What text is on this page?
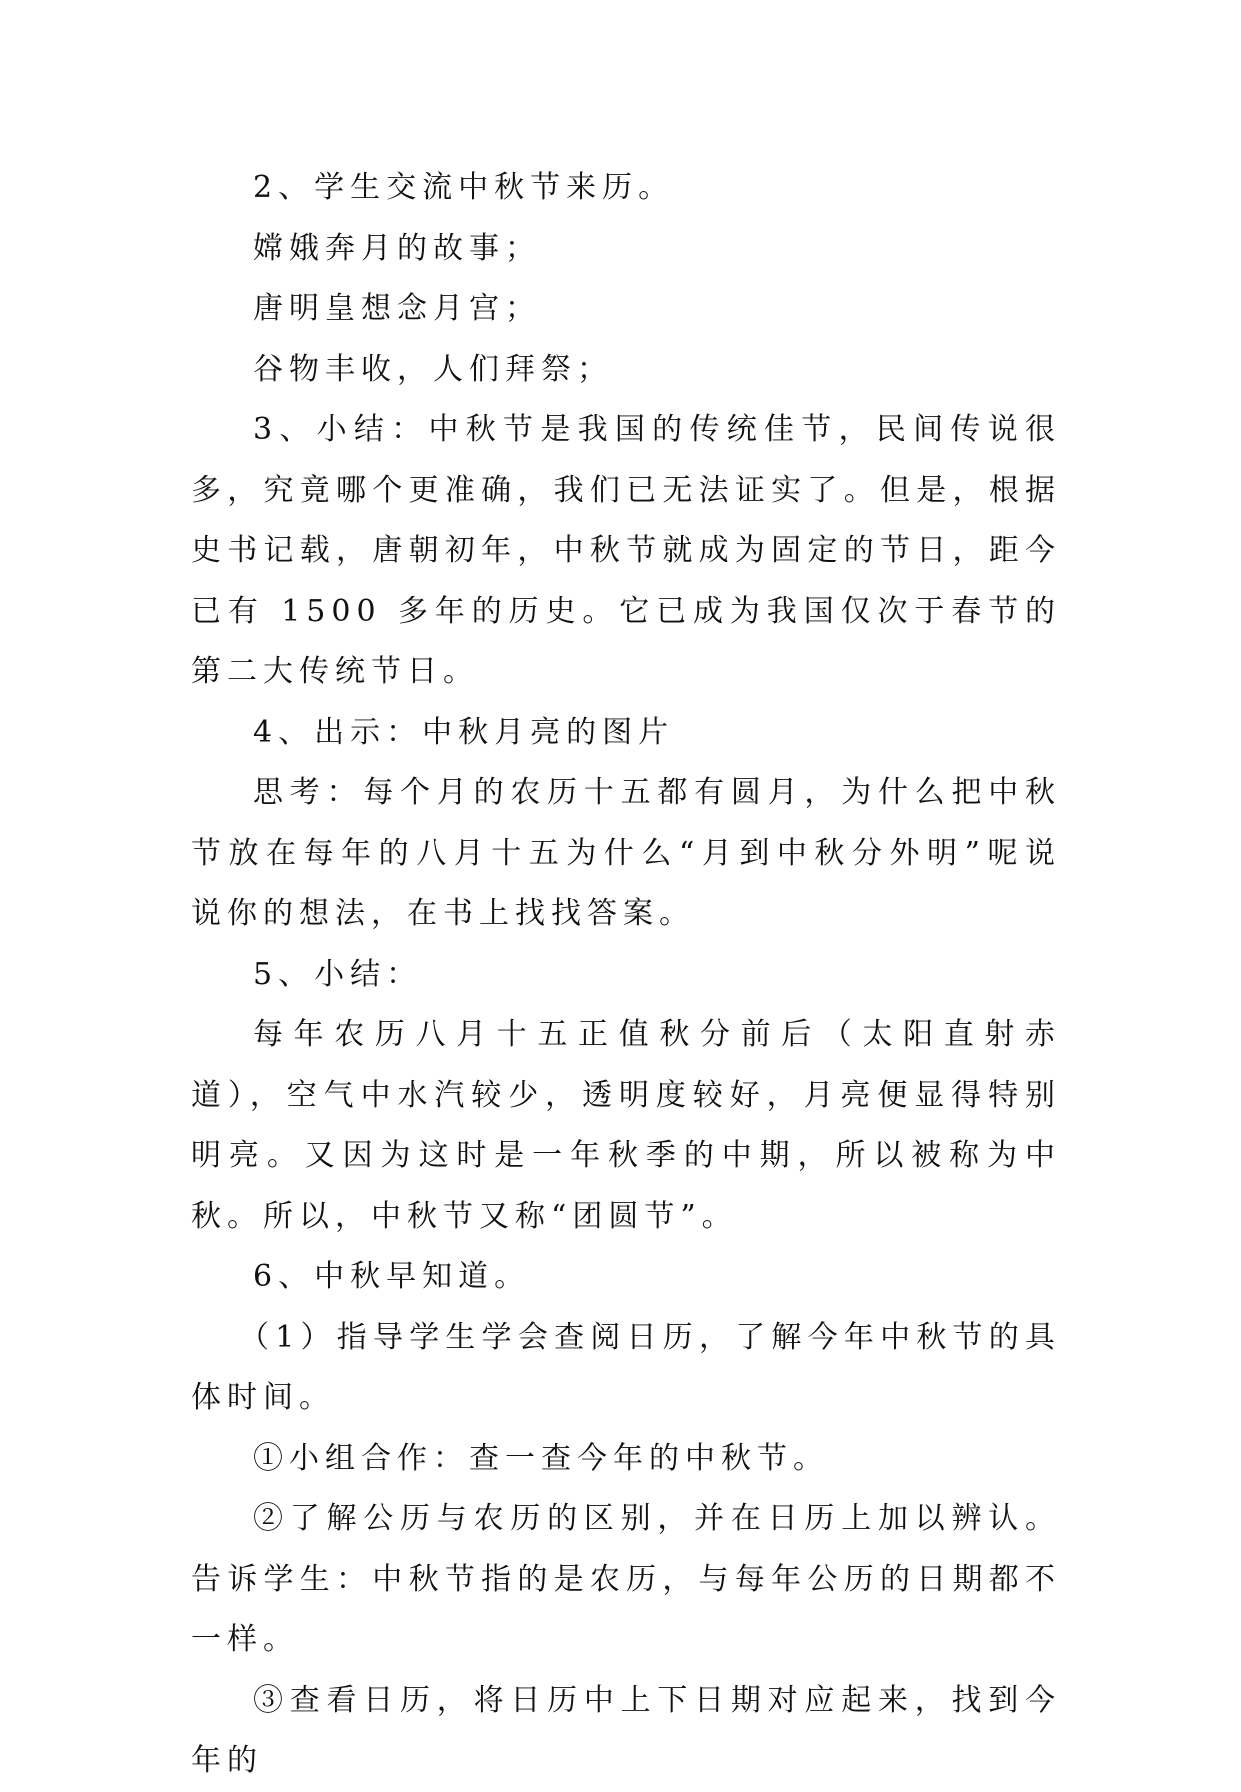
2、学生交流中秋节来历。

嫦娥奔月的故事；

唐明皇想念月宫；

谷物丰收，人们拜祭；

3、小结：中秋节是我国的传统佳节，民间传说很多，究竟哪个更准确，我们已无法证实了。但是，根据史书记载，唐朝初年，中秋节就成为固定的节日，距今已有 1500 多年的历史。它已成为我国仅次于春节的第二大传统节日。

4、出示：中秋月亮的图片

思考：每个月的农历十五都有圆月，为什么把中秋节放在每年的八月十五为什么“月到中秋分外明”呢说说你的想法，在书上找找答案。

5、小结：

每年农历八月十五正值秋分前后（太阳直射赤道），空气中水汽较少，透明度较好，月亮便显得特别明亮。又因为这时是一年秋季的中期，所以被称为中秋。所以，中秋节又称“团圆节”。

6、中秋早知道。

（1）指导学生学会查阅日历，了解今年中秋节的具体时间。

①小组合作：查一查今年的中秋节。

②了解公历与农历的区别，并在日历上加以辨认。告诉学生：中秋节指的是农历，与每年公历的日期都不一样。

③查看日历，将日历中上下日期对应起来，找到今年的
